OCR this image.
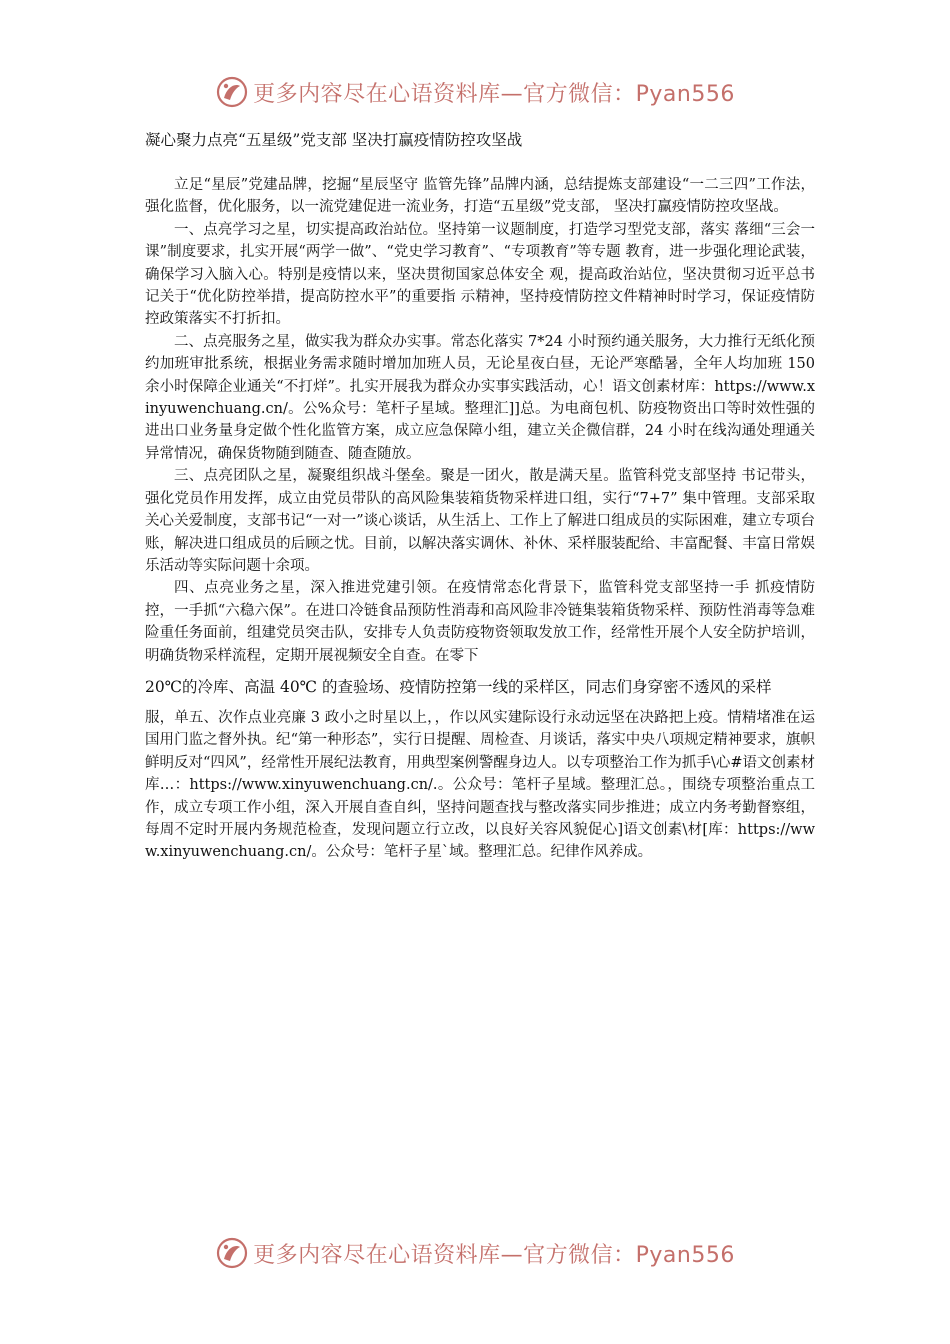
更多内容尽在心语资料库—官方微信：Pyan556
凝心聚力点亮“五星级”党支部 坚决打赢疫情防控攻坚战

立足“星辰”党建品牌，挖掘“星辰坚守 监管先锋”品牌内涵，总结提炼支部建设“一二三四”工作法，强化监督，优化服务，以一流党建促进一流业务，打造“五星级”党支部， 坚决打赢疫情防控攻坚战。

一、点亮学习之星，切实提高政治站位。坚持第一议题制度，打造学习型党支部，落实 落细“三会一课”制度要求，扎实开展“两学一做”、“党史学习教育”、“专项教育”等专题 教育，进一步强化理论武装，确保学习入脑入心。特别是疫情以来，坚决贯彻国家总体安全 观，提高政治站位，坚决贯彻习近平总书记关于“优化防控举措，提高防控水平”的重要指 示精神，坚持疫情防控文件精神时时学习，保证疫情防控政策落实不打折扣。

二、点亮服务之星，做实我为群众办实事。常态化落实 7*24 小时预约通关服务，大力推行无纸化预约加班审批系统，根据业务需求随时增加加班人员，无论星夜白昼，无论严寒酷暑，全年人均加班 150 余小时保障企业通关“不打烊”。扎实开展我为群众办实事实践活动，心！语文创素材库：https://www.xinyuwenchuang.cn/。公%众号：笔杆子星域。整理汇]]总。为电商包机、防疫物资出口等时效性强的进出口业务量身定做个性化监管方案，成立应急保障小组，建立关企微信群，24 小时在线沟通处理通关异常情况，确保货物随到随查、随查随放。

三、点亮团队之星，凝聚组织战斗堡垒。聚是一团火，散是满天星。监管科党支部坚持 书记带头，强化党员作用发挥，成立由党员带队的高风险集装箱货物采样进口组，实行“7+7” 集中管理。支部采取关心关爱制度，支部书记“一对一”谈心谈话，从生活上、工作上了解进口组成员的实际困难，建立专项台账，解决进口组成员的后顾之忧。目前，以解决落实调休、补休、采样服装配给、丰富配餐、丰富日常娱乐活动等实际问题十余项。

四、点亮业务之星，深入推进党建引领。在疫情常态化背景下，监管科党支部坚持一手 抓疫情防控，一手抓“六稳六保”。在进口冷链食品预防性消毒和高风险非冷链集装箱货物采样、预防性消毒等急难险重任务面前，组建党员突击队，安排专人负责防疫物资领取发放工作，经常性开展个人安全防护培训，明确货物采样流程，定期开展视频安全自查。在零下

20℃的冷库、高温 40℃ 的查验场、疫情防控第一线的采样区，同志们身穿密不透风的采样

服，单五、次作点业亮廉 3 政小之时星以上，，作以风实建际设行永动远坚在决路把上疫。情精堵准在运国用门监之督外执。纪“第一种形态”，实行日提醒、周检查、月谈话，落实中央八项规定精神要求，旗帜鲜明反对“四风”，经常性开展纪法教育，用典型案例警醒身边人。以专项整治工作为抓手\心#语文创素材库…：https://www.xinyuwenchuang.cn/.。公众号：笔杆子星域。整理汇总。，围绕专项整治重点工作，成立专项工作小组，深入开展自查自纠，坚持问题查找与整改落实同步推进；成立内务考勤督察组，每周不定时开展内务规范检查，发现问题立行立改，以良好关容风貌促心]语文创素\材[库：https://www.xinyuwenchuang.cn/。公众号：笔杆子星`域。整理汇总。纪律作风养成。

更多内容尽在心语资料库—官方微信：Pyan556
